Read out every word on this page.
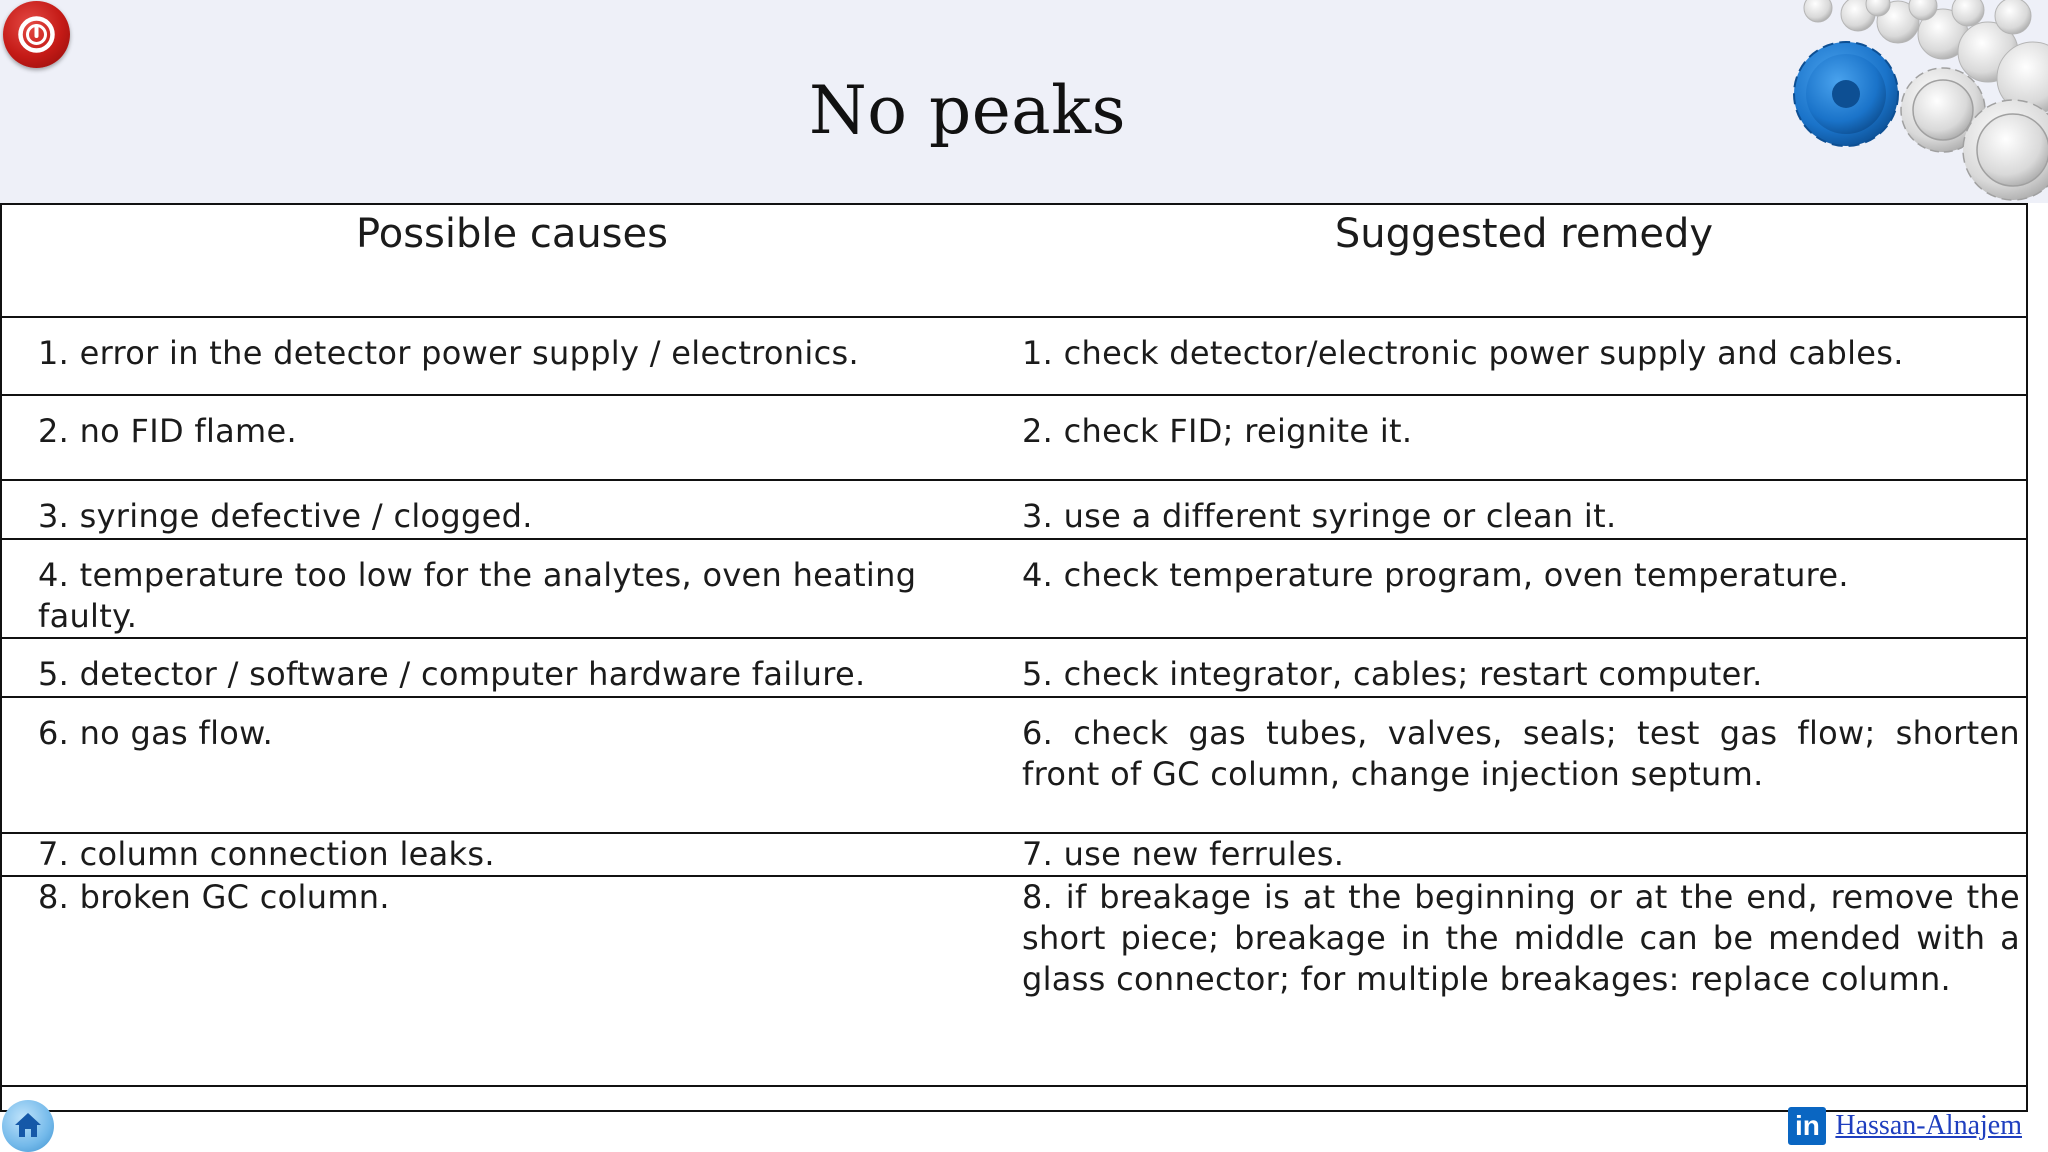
No peaks
Possible causes	Suggested remedy
1. error in the detector power supply / electronics.	1. check detector/electronic power supply and cables.

2. no FID flame.	2. check FID; reignite it.

3. syringe defective / clogged.	3. use a different syringe or clean it.

4. temperature too low for the analytes, oven heating faulty.	4. check temperature program, oven temperature.

5. detector / software / computer hardware failure.	5. check integrator, cables; restart computer.

6. no gas flow.	6. check gas tubes, valves, seals; test gas flow; shorten front of GC column, change injection septum.

7. column connection leaks.	7. use new ferrules.

8. broken GC column.	8. if breakage is at the beginning or at the end, remove the short piece; breakage in the middle can be mended with a glass connector; for multiple breakages: replace column.

in Hassan-Alnajem
